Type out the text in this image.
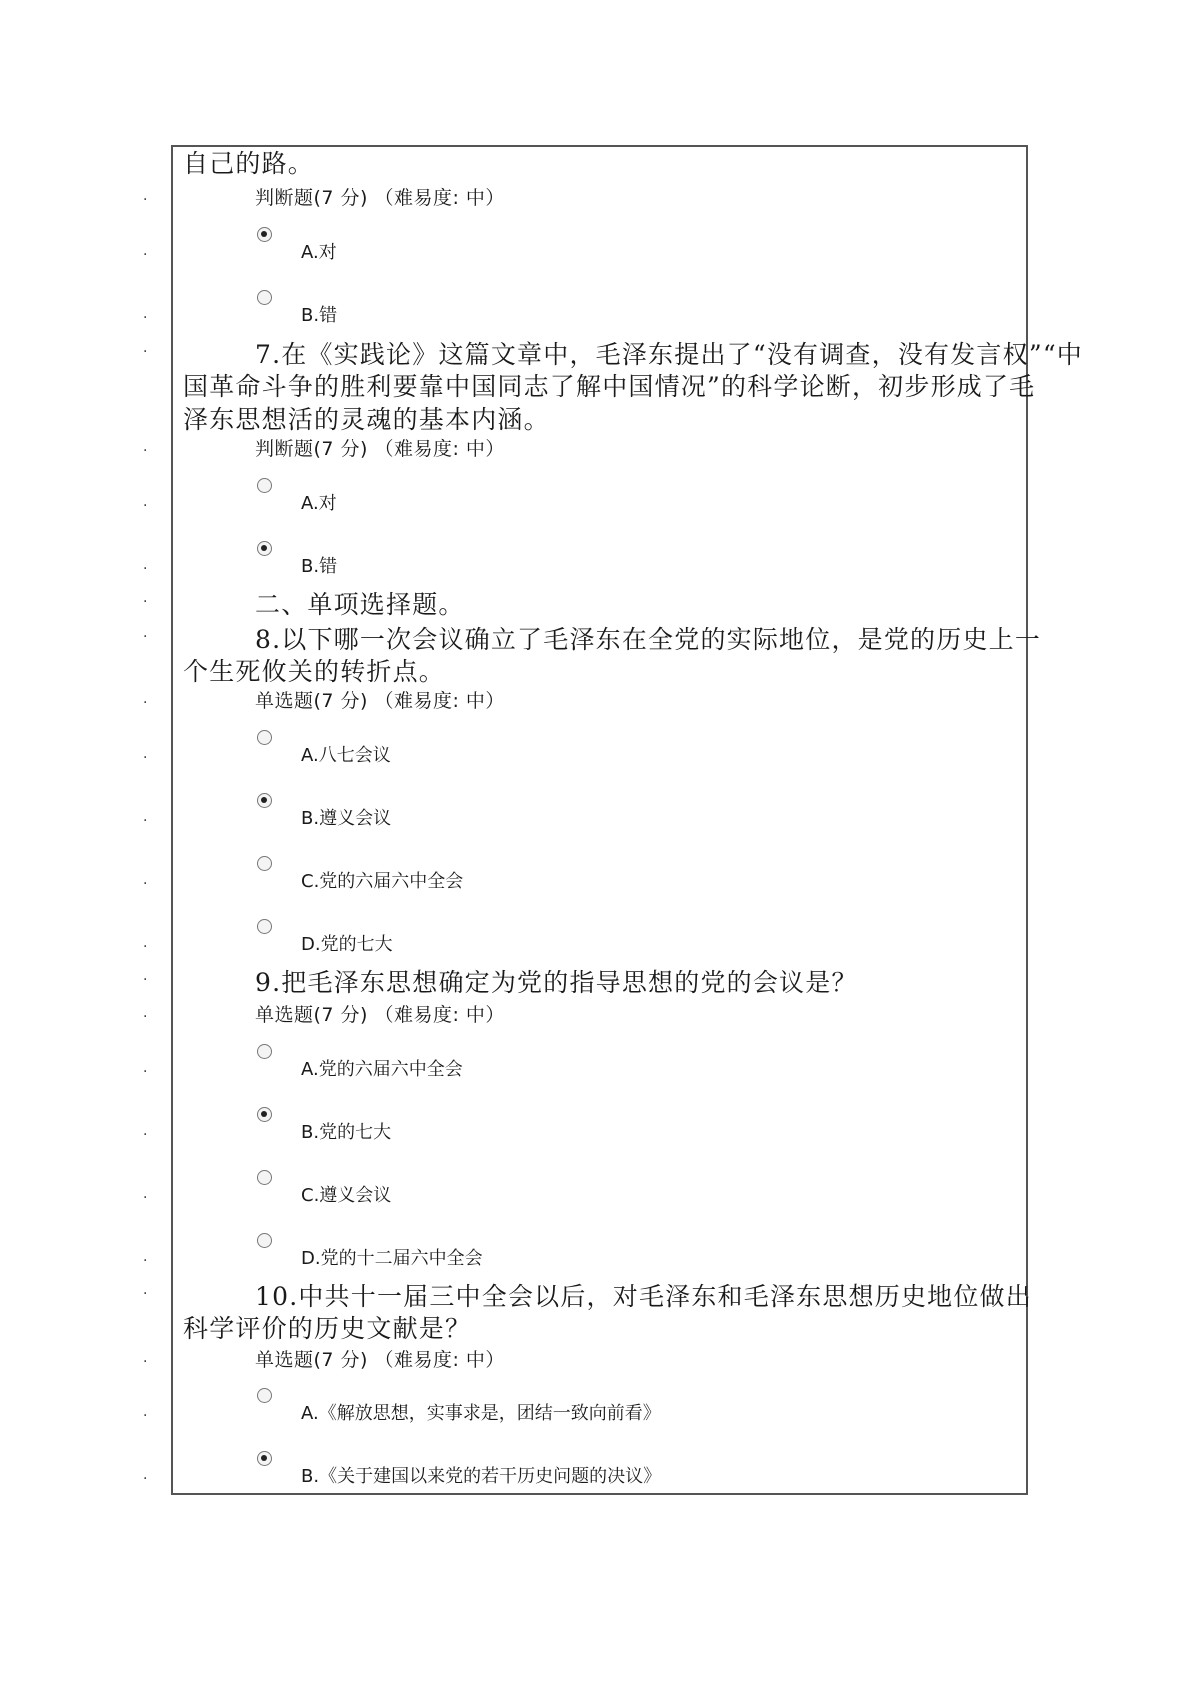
自己的路。
·	判断题(7 分) （难易度: 中）
·	A.对
·	B.错
·	7.在《实践论》这篇文章中，毛泽东提出了“没有调查，没有发言权”“中
国革命斗争的胜利要靠中国同志了解中国情况”的科学论断，初步形成了毛
泽东思想活的灵魂的基本内涵。
·	判断题(7 分) （难易度: 中）
·	A.对
·	B.错
·	二、单项选择题。
·	8.以下哪一次会议确立了毛泽东在全党的实际地位，是党的历史上一
个生死攸关的转折点。
·	单选题(7 分) （难易度: 中）
·	A.八七会议
·	B.遵义会议
·	C.党的六届六中全会
·	D.党的七大
·	9.把毛泽东思想确定为党的指导思想的党的会议是？
·	单选题(7 分) （难易度: 中）
·	A.党的六届六中全会
·	B.党的七大
·	C.遵义会议
·	D.党的十二届六中全会
·	10.中共十一届三中全会以后，对毛泽东和毛泽东思想历史地位做出
科学评价的历史文献是？
·	单选题(7 分) （难易度: 中）
·	A.《解放思想，实事求是，团结一致向前看》
·	B.《关于建国以来党的若干历史问题的决议》
